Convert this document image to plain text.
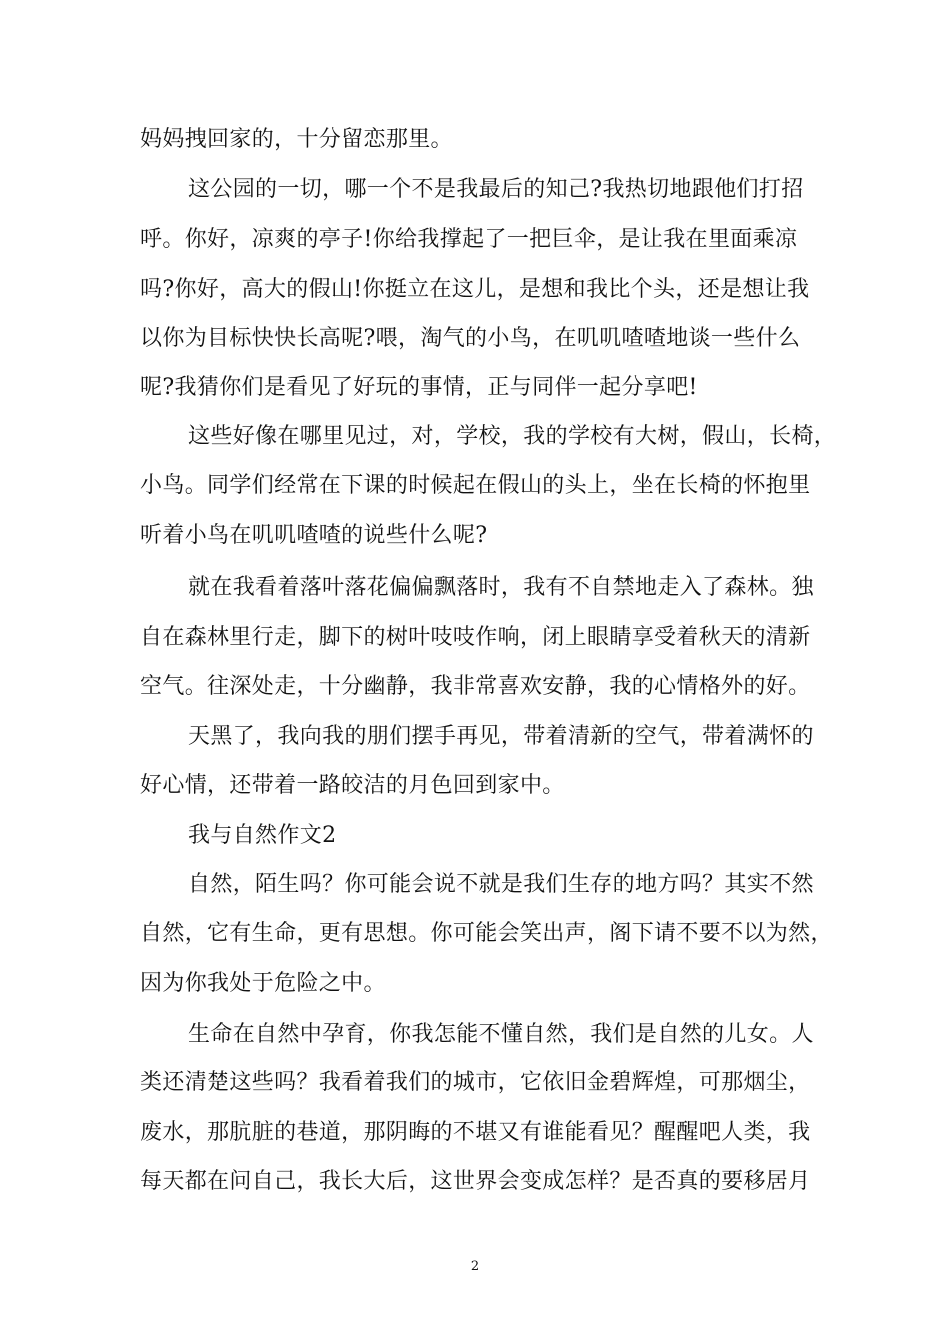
妈妈拽回家的，十分留恋那里。
这公园的一切，哪一个不是我最后的知己?我热切地跟他们打招
呼。你好，凉爽的亭子!你给我撑起了一把巨伞，是让我在里面乘凉
吗?你好，高大的假山!你挺立在这儿，是想和我比个头，还是想让我
以你为目标快快长高呢?喂，淘气的小鸟，在叽叽喳喳地谈一些什么
呢?我猜你们是看见了好玩的事情，正与同伴一起分享吧!
这些好像在哪里见过，对，学校，我的学校有大树，假山，长椅，
小鸟。同学们经常在下课的时候起在假山的头上，坐在长椅的怀抱里
听着小鸟在叽叽喳喳的说些什么呢?
就在我看着落叶落花偏偏飘落时，我有不自禁地走入了森林。独
自在森林里行走，脚下的树叶吱吱作响，闭上眼睛享受着秋天的清新
空气。往深处走，十分幽静，我非常喜欢安静，我的心情格外的好。
天黑了，我向我的朋们摆手再见，带着清新的空气，带着满怀的
好心情，还带着一路皎洁的月色回到家中。
我与自然作文2
自然，陌生吗？你可能会说不就是我们生存的地方吗？其实不然
自然，它有生命，更有思想。你可能会笑出声，阁下请不要不以为然，
因为你我处于危险之中。
生命在自然中孕育，你我怎能不懂自然，我们是自然的儿女。人
类还清楚这些吗？我看着我们的城市，它依旧金碧辉煌，可那烟尘，
废水，那肮脏的巷道，那阴晦的不堪又有谁能看见？醒醒吧人类，我
每天都在问自己，我长大后，这世界会变成怎样？是否真的要移居月
2
